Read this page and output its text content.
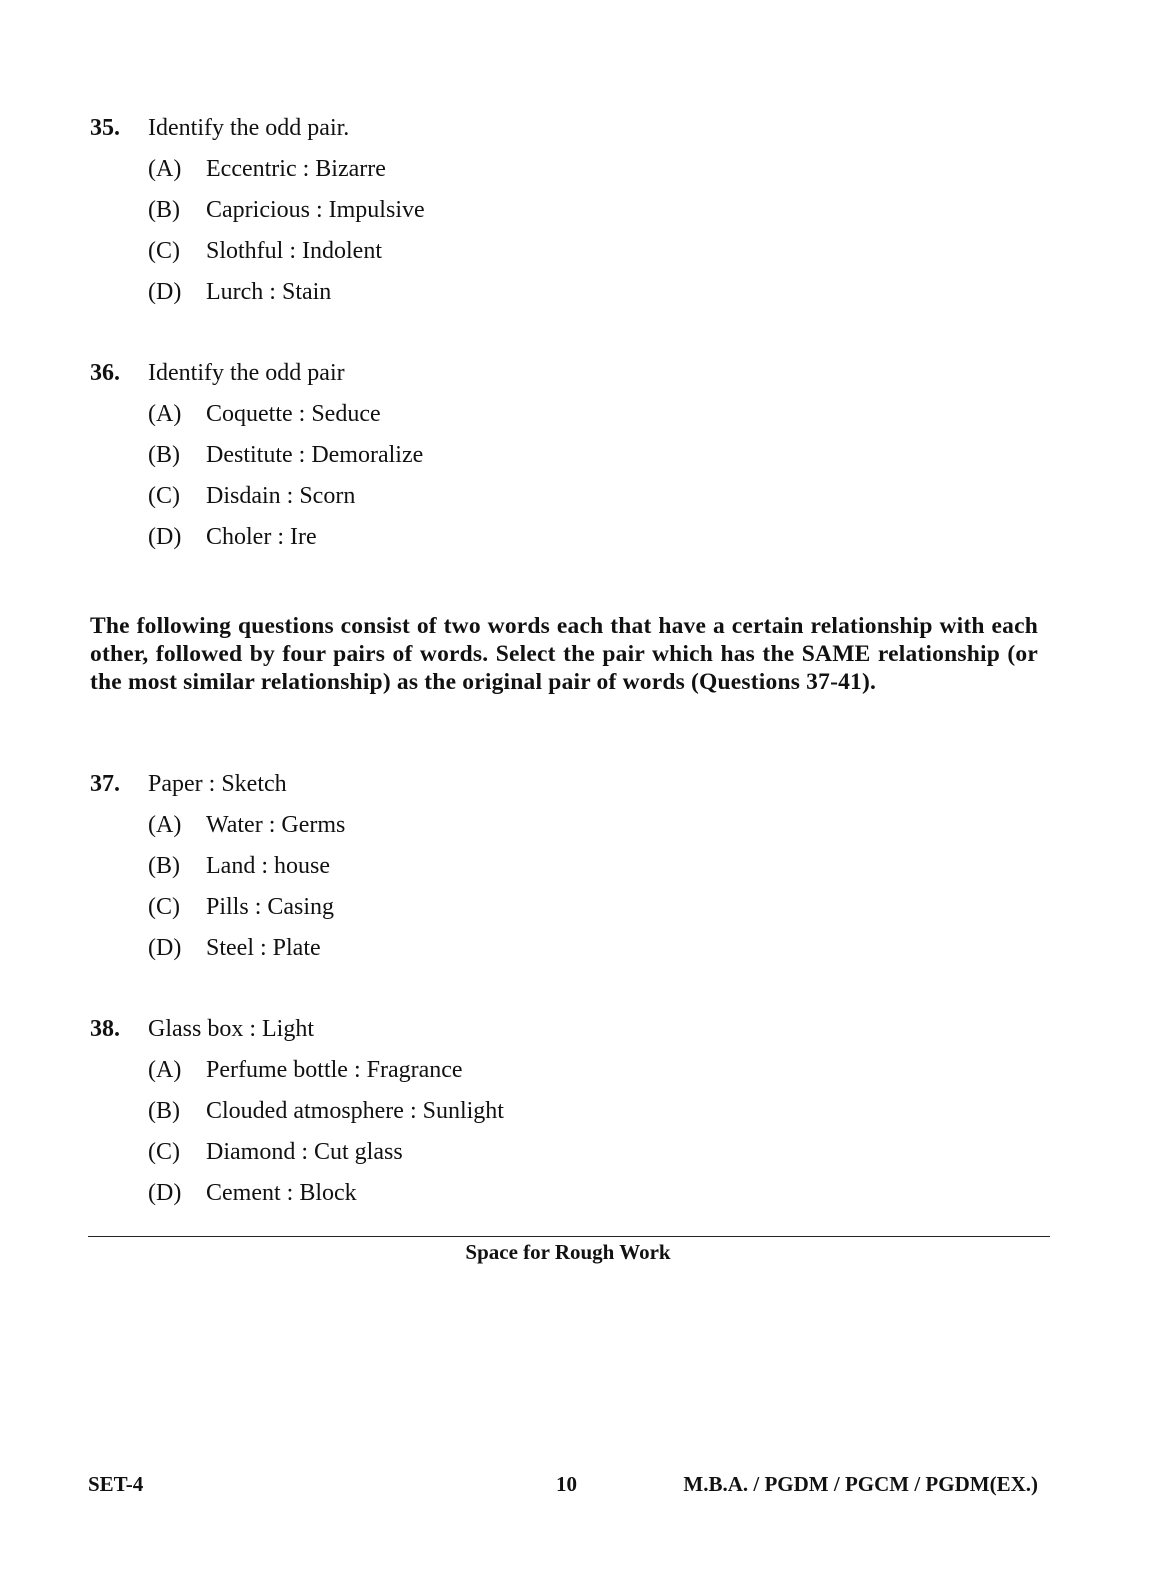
35.	Identify the odd pair.
(A)	Eccentric : Bizarre
(B)	Capricious : Impulsive
(C)	Slothful : Indolent
(D)	Lurch : Stain
36.	Identify the odd pair
(A)	Coquette : Seduce
(B)	Destitute : Demoralize
(C)	Disdain : Scorn
(D)	Choler : Ire
The following questions consist of two words each that have a certain relationship with each other, followed by four pairs of words. Select the pair which has the SAME relationship (or the most similar relationship) as the original pair of words (Questions 37-41).
37.	Paper : Sketch
(A)	Water : Germs
(B)	Land : house
(C)	Pills : Casing
(D)	Steel : Plate
38.	Glass box : Light
(A)	Perfume bottle : Fragrance
(B)	Clouded atmosphere : Sunlight
(C)	Diamond : Cut glass
(D)	Cement : Block
Space for Rough Work
SET-4	10	M.B.A. / PGDM / PGCM / PGDM(EX.)
